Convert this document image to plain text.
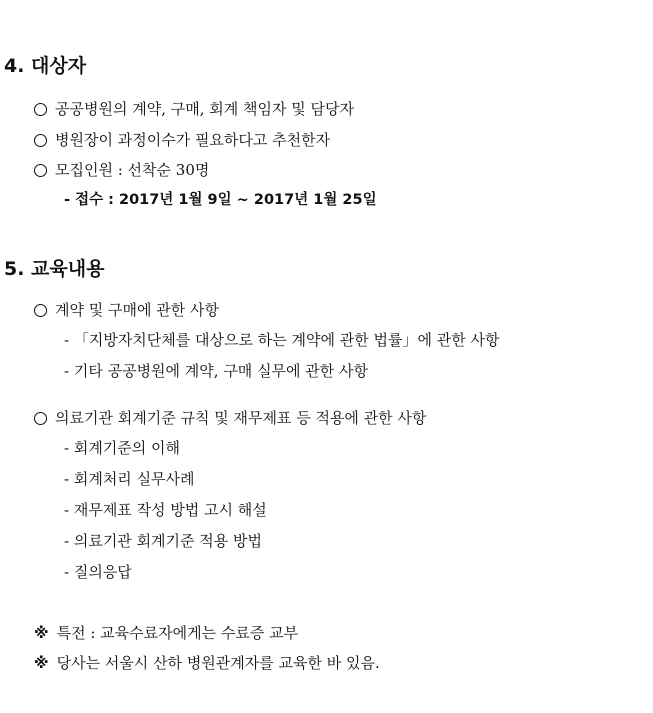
4. 대상자
공공병원의 계약, 구매, 회계 책임자 및 담당자
병원장이 과정이수가 필요하다고 추천한자
모집인원 : 선착순 30명
- 접수 : 2017년 1월 9일 ~ 2017년 1월 25일
5. 교육내용
계약 및 구매에 관한 사항
- 「지방자치단체를 대상으로 하는 계약에 관한 법률」에 관한 사항
- 기타 공공병원에 계약, 구매 실무에 관한 사항
의료기관 회계기준 규칙 및 재무제표 등 적용에 관한 사항
- 회계기준의 이해
- 회계처리 실무사례
- 재무제표 작성 방법 고시 해설
- 의료기관 회계기준 적용 방법
- 질의응답
※ 특전 : 교육수료자에게는 수료증 교부
※ 당사는 서울시 산하 병원관계자를 교육한 바 있음.
